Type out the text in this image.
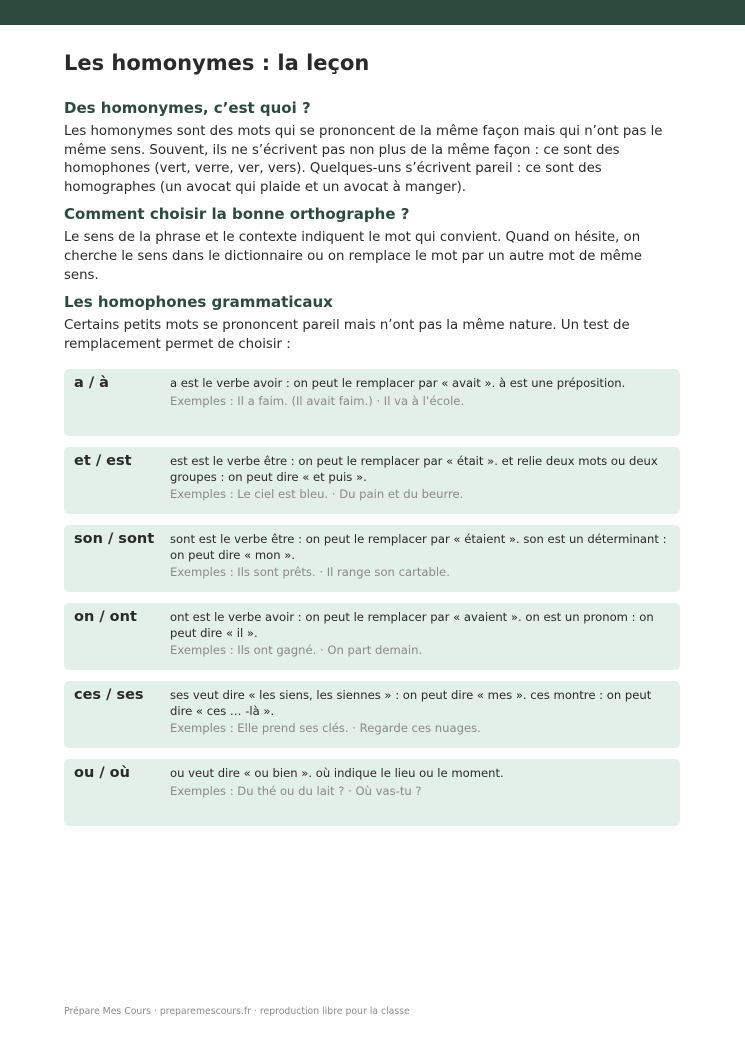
Les homonymes : la leçon
Des homonymes, c’est quoi ?

Les homonymes sont des mots qui se prononcent de la même façon mais qui n’ont pas le même sens. Souvent, ils ne s’écrivent pas non plus de la même façon : ce sont des homophones (vert, verre, ver, vers). Quelques-uns s’écrivent pareil : ce sont des homographes (un avocat qui plaide et un avocat à manger).

Comment choisir la bonne orthographe ?

Le sens de la phrase et le contexte indiquent le mot qui convient. Quand on hésite, on cherche le sens dans le dictionnaire ou on remplace le mot par un autre mot de même sens.

Les homophones grammaticaux

Certains petits mots se prononcent pareil mais n’ont pas la même nature. Un test de remplacement permet de choisir :

a / à	a est le verbe avoir : on peut le remplacer par « avait ». à est une préposition.
Exemples : Il a faim. (Il avait faim.) · Il va à l’école.
et / est	est est le verbe être : on peut le remplacer par « était ». et relie deux mots ou deux groupes : on peut dire « et puis ».
Exemples : Le ciel est bleu. · Du pain et du beurre.
son / sont	sont est le verbe être : on peut le remplacer par « étaient ». son est un déterminant : on peut dire « mon ».
Exemples : Ils sont prêts. · Il range son cartable.
on / ont	ont est le verbe avoir : on peut le remplacer par « avaient ». on est un pronom : on peut dire « il ».
Exemples : Ils ont gagné. · On part demain.
ces / ses	ses veut dire « les siens, les siennes » : on peut dire « mes ». ces montre : on peut dire « ces … -là ».
Exemples : Elle prend ses clés. · Regarde ces nuages.
ou / où	ou veut dire « ou bien ». où indique le lieu ou le moment.
Exemples : Du thé ou du lait ? · Où vas-tu ?
Prépare Mes Cours · preparemescours.fr · reproduction libre pour la classe
